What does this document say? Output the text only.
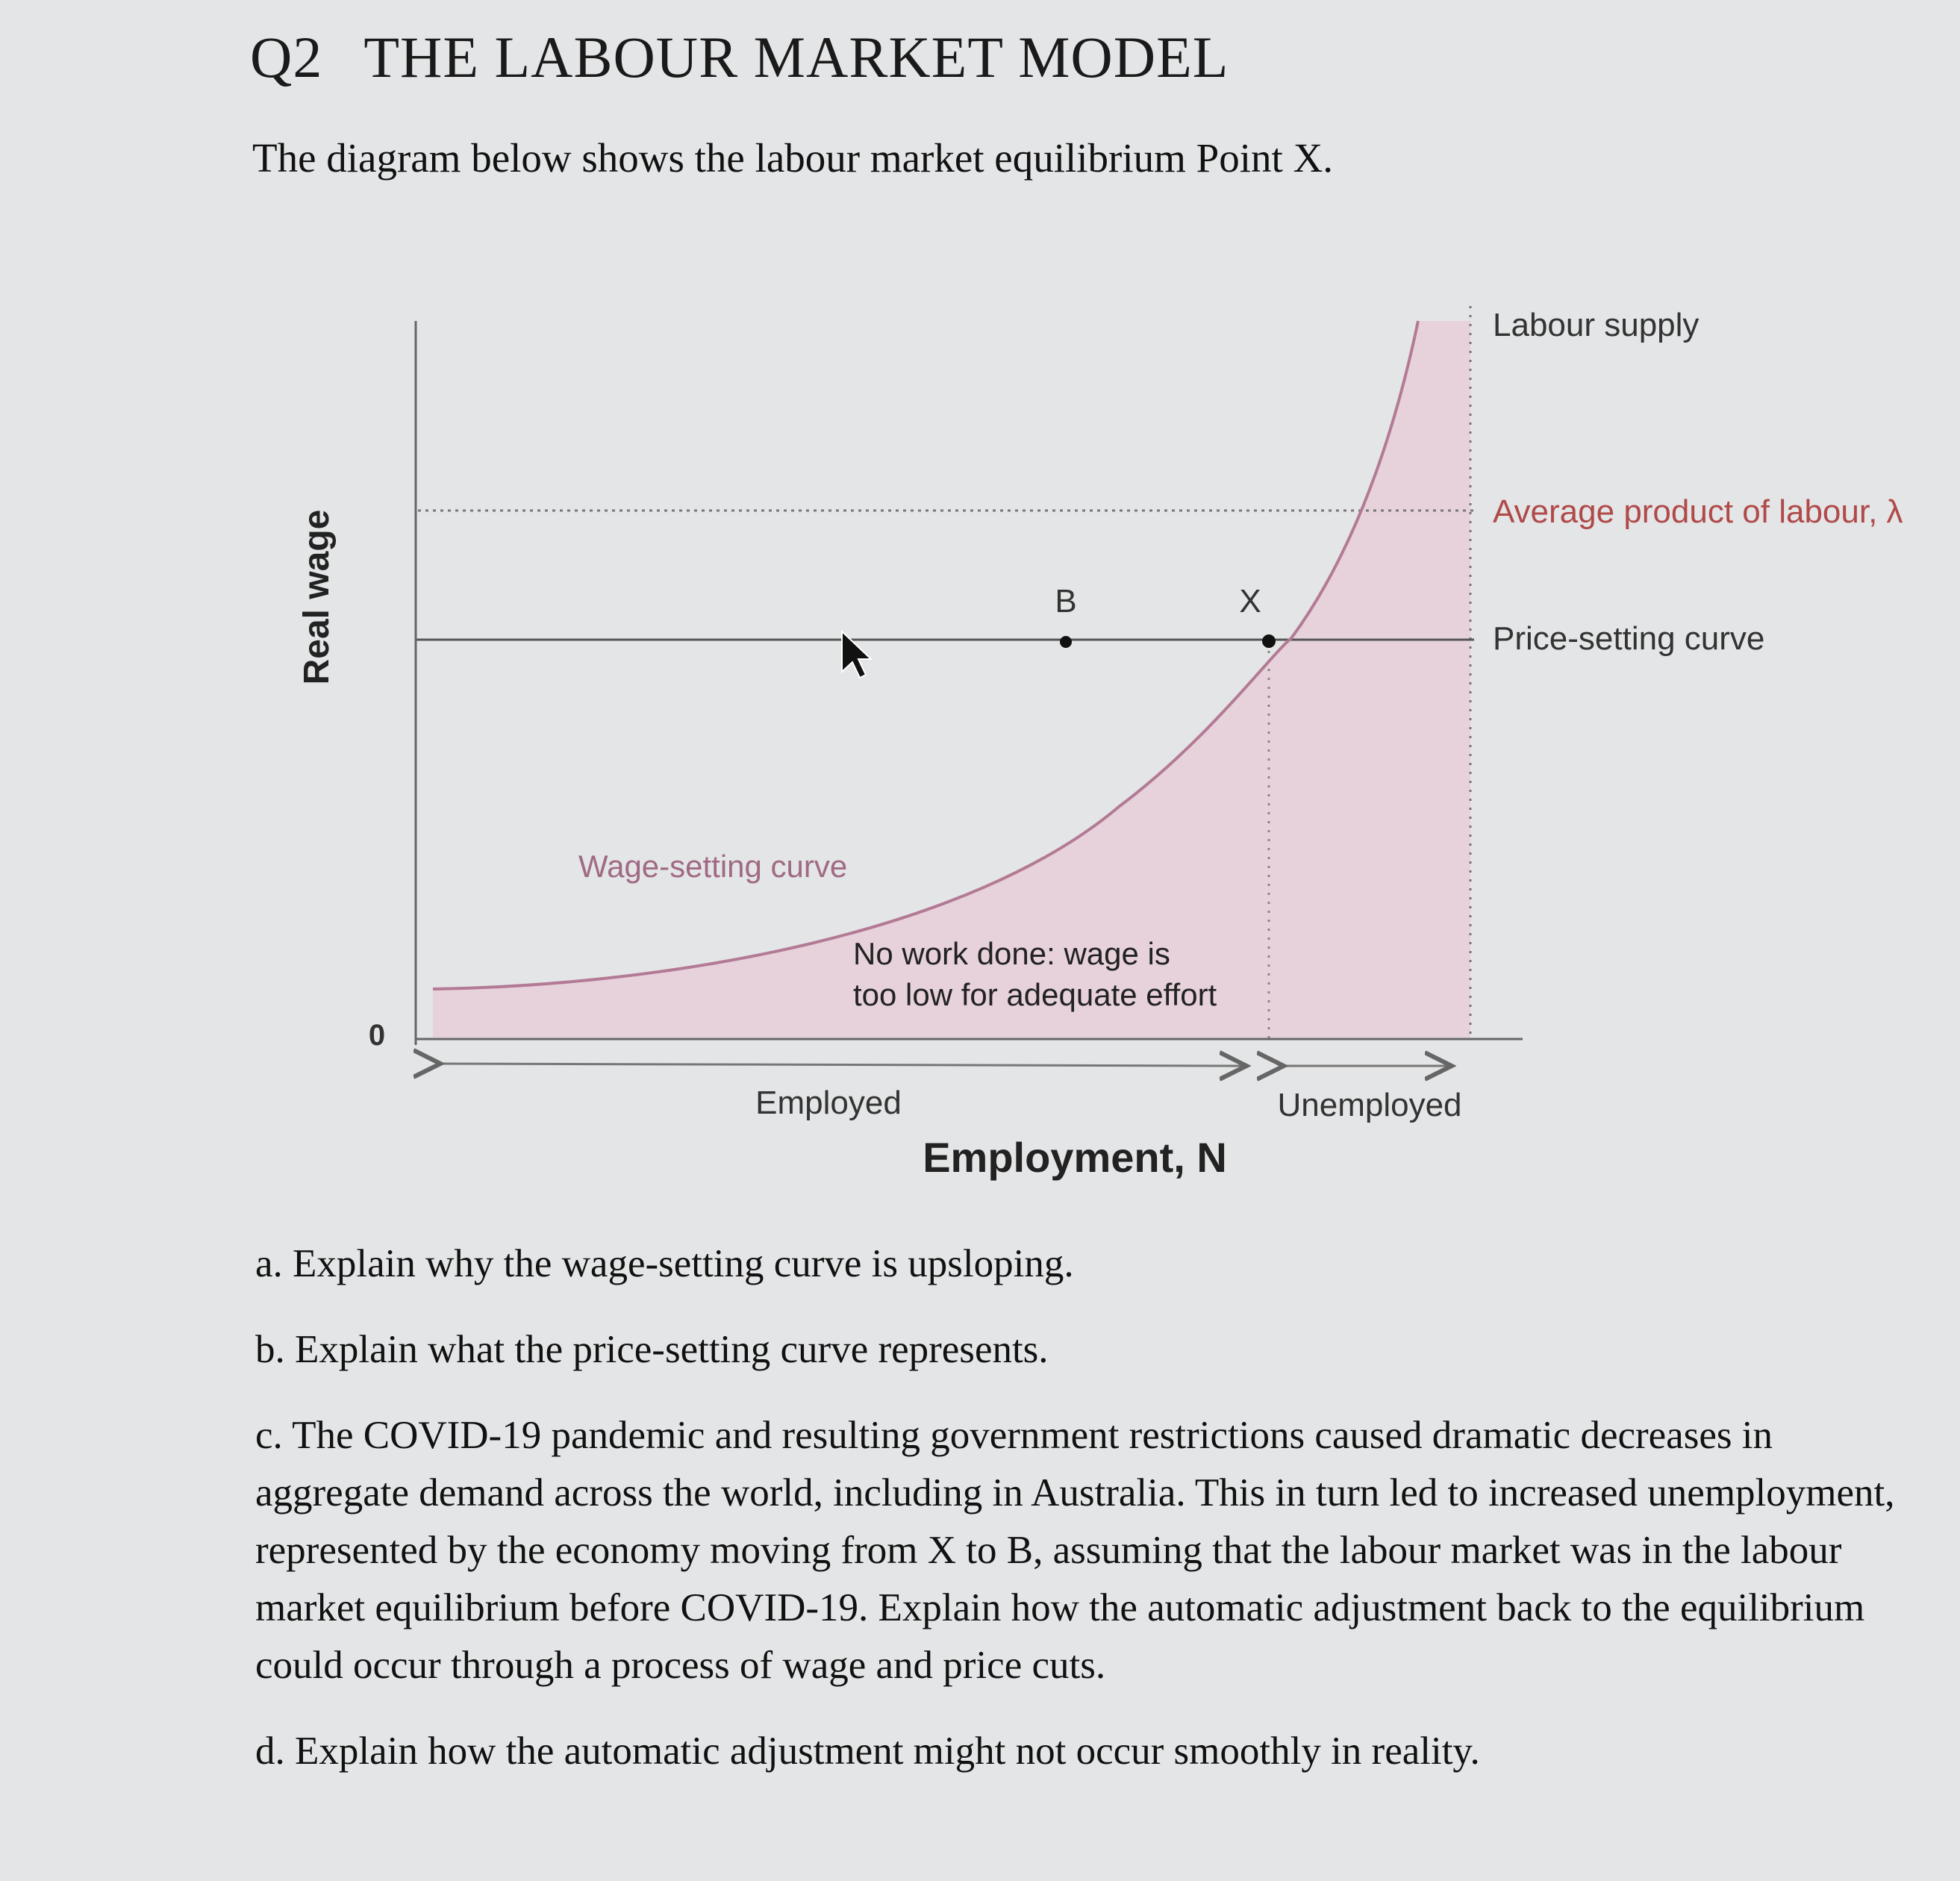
Q2 THE LABOUR MARKET MODEL
The diagram below shows the labour market equilibrium Point X.
B	X
Real wage
0
Employment, N
Labour supply
Average product of labour, λ
Price-setting curve
Wage-setting curve
No work done: wage is too low for adequate effort
Employed	Unemployed

a. Explain why the wage-setting curve is upsloping.

b. Explain what the price-setting curve represents.

c. The COVID-19 pandemic and resulting government restrictions caused dramatic decreases in aggregate demand across the world, including in Australia. This in turn led to increased unemployment, represented by the economy moving from X to B, assuming that the labour market was in the labour market equilibrium before COVID-19. Explain how the automatic adjustment back to the equilibrium could occur through a process of wage and price cuts.

d. Explain how the automatic adjustment might not occur smoothly in reality.
